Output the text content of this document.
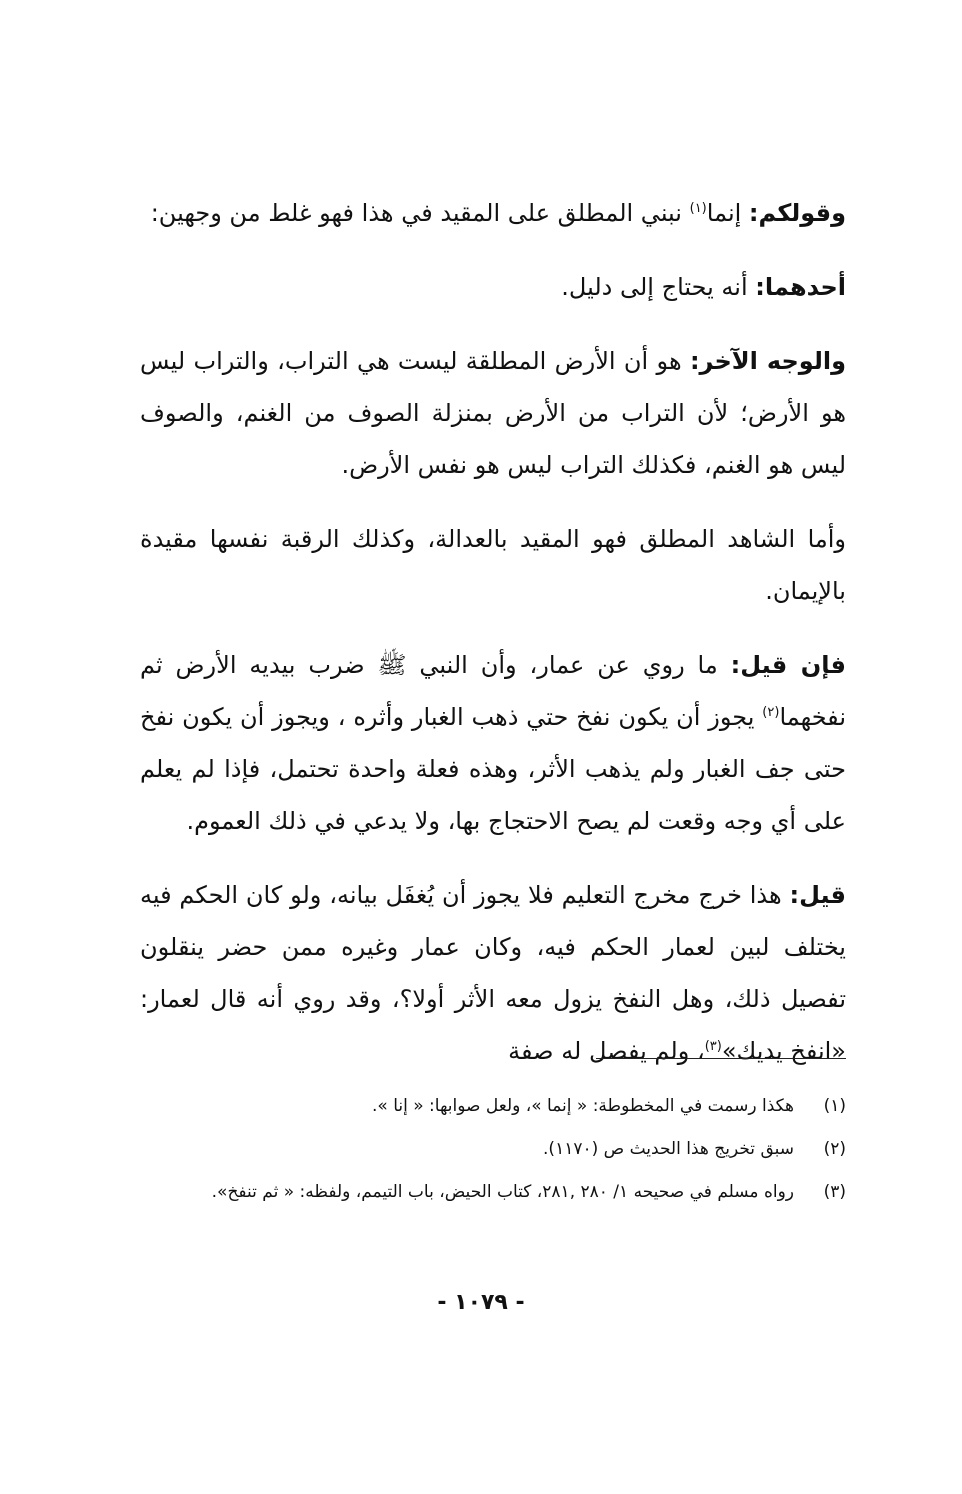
وقولكم: إنما$^{(١)}$ نبني المطلق على المقيد في هذا فهو غلط من وجهين:

أحدهما: أنه يحتاج إلى دليل.

والوجه الآخر: هو أن الأرض المطلقة ليست هي التراب، والتراب ليس هو الأرض؛ لأن التراب من الأرض بمنزلة الصوف من الغنم، والصوف ليس هو الغنم، فكذلك التراب ليس هو نفس الأرض.

وأما الشاهد المطلق فهو المقيد بالعدالة، وكذلك الرقبة نفسها مقيدة بالإيمان.

فإن قيل: ما روي عن عمار، وأن النبي ﷺ ضرب بيديه الأرض ثم نفخهما$^{(٢)}$ يجوز أن يكون نفخ حتي ذهب الغبار وأثره ، ويجوز أن يكون نفخ حتى جف الغبار ولم يذهب الأثر، وهذه فعلة واحدة تحتمل، فإذا لم يعلم على أي وجه وقعت لم يصح الاحتجاج بها، ولا يدعي في ذلك العموم.

قيل: هذا خرج مخرج التعليم فلا يجوز أن يُغفَل بيانه، ولو كان الحكم فيه يختلف لبين لعمار الحكم فيه، وكان عمار وغيره ممن حضر ينقلون تفصيل ذلك، وهل النفخ يزول معه الأثر أولا؟، وقد روي أنه قال لعمار: «انفخ يديك»$^{(٣)}$، ولم يفصل له صفة

(١)
هكذا رسمت في المخطوطة: « إنما »، ولعل صوابها: « إنا ».
(٢)
سبق تخريج هذا الحديث ص (١١٧٠).
(٣)
رواه مسلم في صحيحه ١/ ٢٨٠ ,٢٨١، كتاب الحيض، باب التيمم، ولفظه: « ثم تنفخ».
- ١٠٧٩ -
